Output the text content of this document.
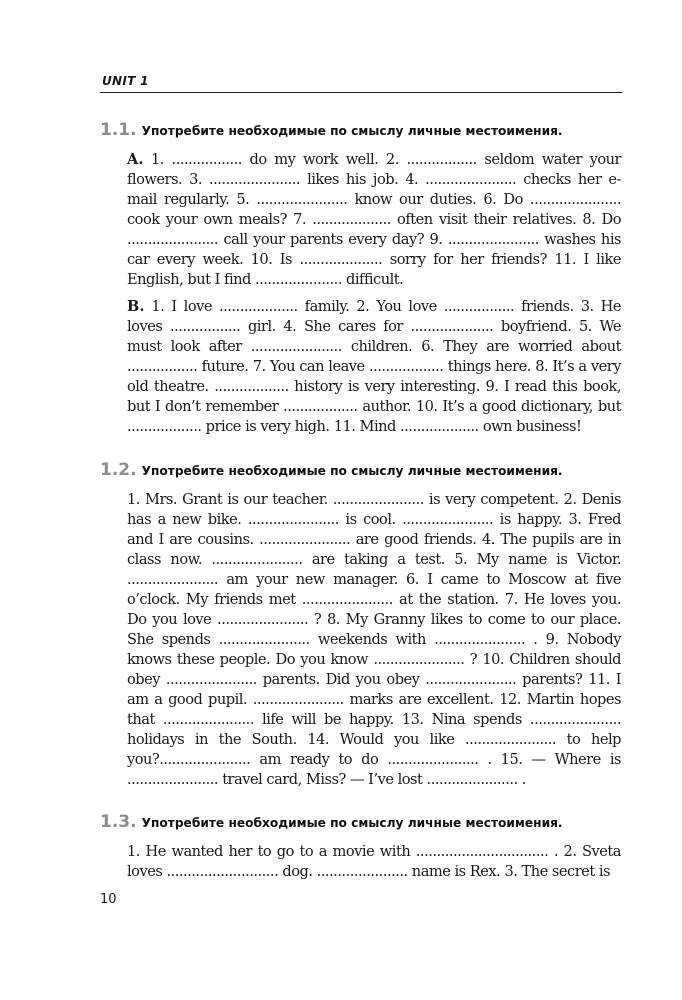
UNIT 1
1.1. Употребите необходимые по смыслу личные местоимения.
A. 1. ................. do my work well. 2. ................. seldom water your flowers. 3. ...................... likes his job. 4. ...................... checks her e-mail regularly. 5. ...................... know our duties. 6. Do ...................... cook your own meals? 7. ................... often visit their relatives. 8. Do ...................... call your parents every day? 9. ...................... washes his car every week. 10. Is .................... sorry for her friends? 11. I like English, but I find ..................... difficult.
B. 1. I love ................... family. 2. You love ................. friends. 3. He loves ................. girl. 4. She cares for .................... boyfriend. 5. We must look after ...................... children. 6. They are worried about ................. future. 7. You can leave .................. things here. 8. It’s a very old theatre. .................. history is very interesting. 9. I read this book, but I don’t remember .................. author. 10. It’s a good dictionary, but .................. price is very high. 11. Mind ................... own business!
1.2. Употребите необходимые по смыслу личные местоимения.
1. Mrs. Grant is our teacher. ...................... is very competent. 2. Denis has a new bike. ...................... is cool. ...................... is happy. 3. Fred and I are cousins. ...................... are good friends. 4. The pupils are in class now. ...................... are taking a test. 5. My name is Victor. ...................... am your new manager. 6. I came to Moscow at five o’clock. My friends met ...................... at the station. 7. He loves you. Do you love ...................... ? 8. My Granny likes to come to our place. She spends ...................... weekends with ...................... . 9. Nobody knows these people. Do you know ...................... ? 10. Children should obey ...................... parents. Did you obey ...................... parents? 11. I am a good pupil. ...................... marks are excellent. 12. Martin hopes that ...................... life will be happy. 13. Nina spends ...................... holidays in the South. 14. Would you like ...................... to help you?...................... am ready to do ...................... . 15. — Where is ...................... travel card, Miss? — I’ve lost ...................... .
1.3. Употребите необходимые по смыслу личные местоимения.
1. He wanted her to go to a movie with ................................ . 2. Sveta loves ........................... dog. ...................... name is Rex. 3. The secret is
10
